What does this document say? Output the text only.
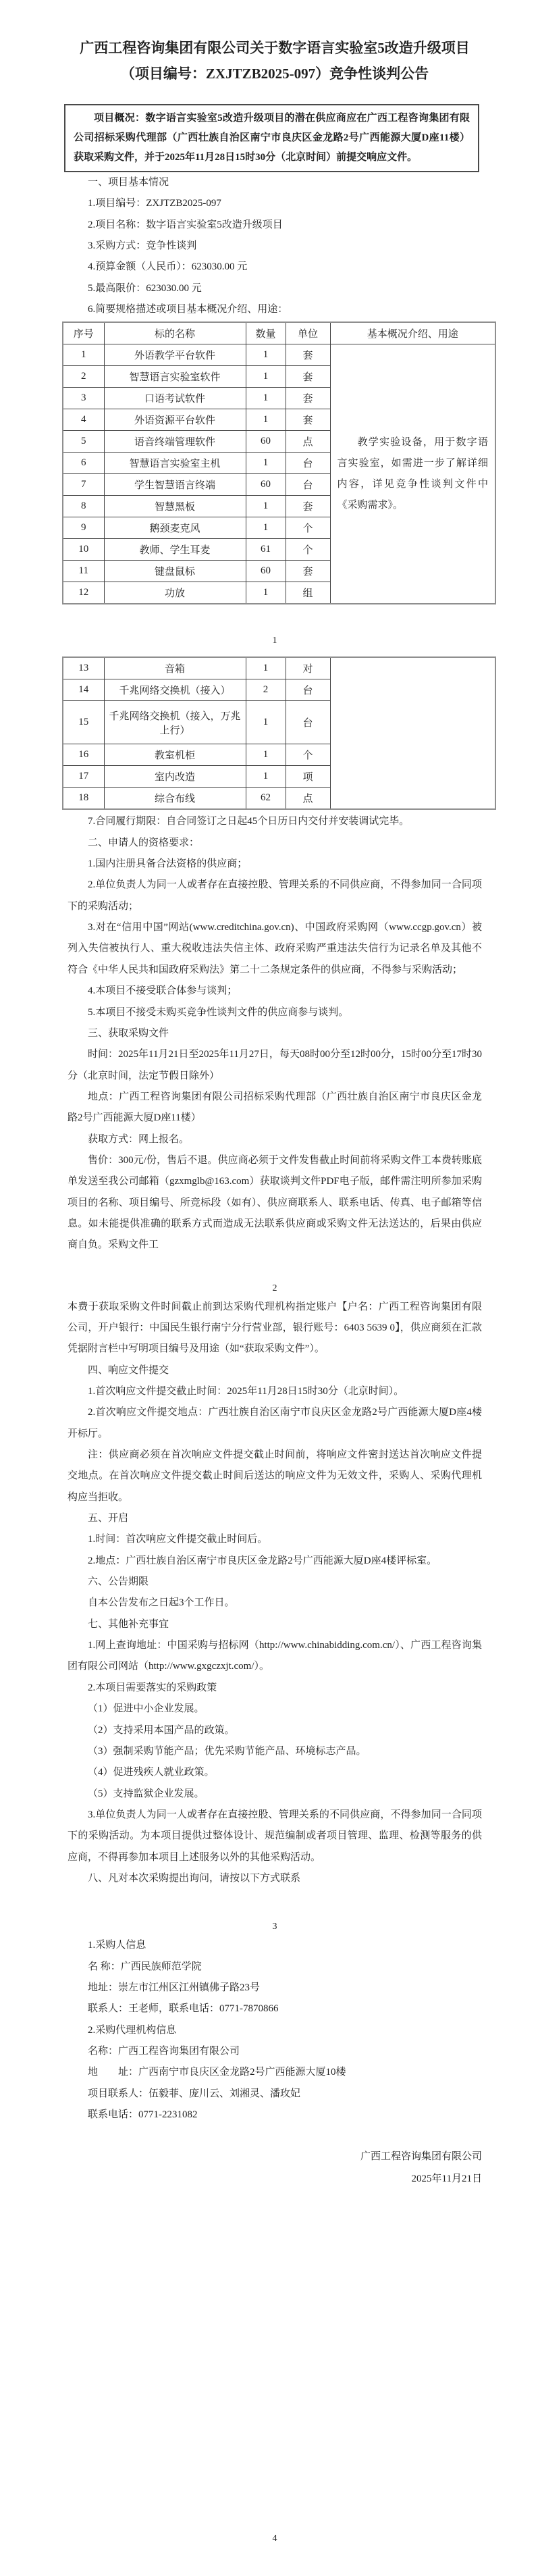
广西工程咨询集团有限公司关于数字语言实验室5改造升级项目
（项目编号：ZXJTZB2025-097）竞争性谈判公告

项目概况：数字语言实验室5改造升级项目的潜在供应商应在广西工程咨询集团有限公司招标采购代理部（广西壮族自治区南宁市良庆区金龙路2号广西能源大厦D座11楼）获取采购文件，并于2025年11月28日15时30分（北京时间）前提交响应文件。

一、项目基本情况

1.项目编号：ZXJTZB2025-097

2.项目名称：数字语言实验室5改造升级项目

3.采购方式：竞争性谈判

4.预算金额（人民币）：623030.00 元

5.最高限价：623030.00 元

6.简要规格描述或项目基本概况介绍、用途：

序号	标的名称	数量	单位	基本概况介绍、用途
1	外语教学平台软件	1	套	教学实验设备，用于数字语言实验室，如需进一步了解详细内容，详见竞争性谈判文件中《采购需求》。
2	智慧语言实验室软件	1	套	
3	口语考试软件	1	套	
4	外语资源平台软件	1	套	
5	语音终端管理软件	60	点	
6	智慧语言实验室主机	1	台	
7	学生智慧语言终端	60	台	
8	智慧黑板	1	套	
9	鹅颈麦克风	1	个	
10	教师、学生耳麦	61	个	
11	键盘鼠标	60	套	
12	功放	1	组	

1

13	音箱	1	对	
14	千兆网络交换机（接入）	2	台	
15	千兆网络交换机（接入，万兆上行）	1	台	
16	教室机柜	1	个	
17	室内改造	1	项	
18	综合布线	62	点	

7.合同履行期限：自合同签订之日起45个日历日内交付并安装调试完毕。

二、申请人的资格要求：

1.国内注册具备合法资格的供应商；

2.单位负责人为同一人或者存在直接控股、管理关系的不同供应商，不得参加同一合同项下的采购活动；

3.对在“信用中国”网站(www.creditchina.gov.cn)、中国政府采购网（www.ccgp.gov.cn）被列入失信被执行人、重大税收违法失信主体、政府采购严重违法失信行为记录名单及其他不符合《中华人民共和国政府采购法》第二十二条规定条件的供应商，不得参与采购活动；

4.本项目不接受联合体参与谈判；

5.本项目不接受未购买竞争性谈判文件的供应商参与谈判。

三、获取采购文件

时间：2025年11月21日至2025年11月27日，每天08时00分至12时00分，15时00分至17时30分（北京时间，法定节假日除外）

地点：广西工程咨询集团有限公司招标采购代理部（广西壮族自治区南宁市良庆区金龙路2号广西能源大厦D座11楼）

获取方式：网上报名。

售价：300元/份，售后不退。供应商必须于文件发售截止时间前将采购文件工本费转账底单发送至我公司邮箱（gzxmglb@163.com）获取谈判文件PDF电子版，邮件需注明所参加采购项目的名称、项目编号、所竞标段（如有）、供应商联系人、联系电话、传真、电子邮箱等信息。如未能提供准确的联系方式而造成无法联系供应商或采购文件无法送达的，后果由供应商自负。采购文件工

2

本费于获取采购文件时间截止前到达采购代理机构指定账户【户名：广西工程咨询集团有限公司，开户银行：中国民生银行南宁分行营业部，银行账号：6403 5639 0】，供应商须在汇款凭据附言栏中写明项目编号及用途（如“获取采购文件”）。

四、响应文件提交

1.首次响应文件提交截止时间：2025年11月28日15时30分（北京时间）。

2.首次响应文件提交地点：广西壮族自治区南宁市良庆区金龙路2号广西能源大厦D座4楼开标厅。

注：供应商必须在首次响应文件提交截止时间前，将响应文件密封送达首次响应文件提交地点。在首次响应文件提交截止时间后送达的响应文件为无效文件，采购人、采购代理机构应当拒收。

五、开启

1.时间：首次响应文件提交截止时间后。

2.地点：广西壮族自治区南宁市良庆区金龙路2号广西能源大厦D座4楼评标室。

六、公告期限

自本公告发布之日起3个工作日。

七、其他补充事宜

1.网上查询地址：中国采购与招标网（http://www.chinabidding.com.cn/）、广西工程咨询集团有限公司网站（http://www.gxgczxjt.com/）。

2.本项目需要落实的采购政策

（1）促进中小企业发展。

（2）支持采用本国产品的政策。

（3）强制采购节能产品；优先采购节能产品、环境标志产品。

（4）促进残疾人就业政策。

（5）支持监狱企业发展。

3.单位负责人为同一人或者存在直接控股、管理关系的不同供应商，不得参加同一合同项下的采购活动。为本项目提供过整体设计、规范编制或者项目管理、监理、检测等服务的供应商，不得再参加本项目上述服务以外的其他采购活动。

八、凡对本次采购提出询问，请按以下方式联系

3

1.采购人信息

名 称：广西民族师范学院

地址：崇左市江州区江州镇佛子路23号

联系人：王老师，联系电话：0771-7870866

2.采购代理机构信息

名称：广西工程咨询集团有限公司

地　　址：广西南宁市良庆区金龙路2号广西能源大厦10楼

项目联系人：伍毅菲、庞川云、刘湘灵、潘玫妃

联系电话：0771-2231082

广西工程咨询集团有限公司

2025年11月21日

4
